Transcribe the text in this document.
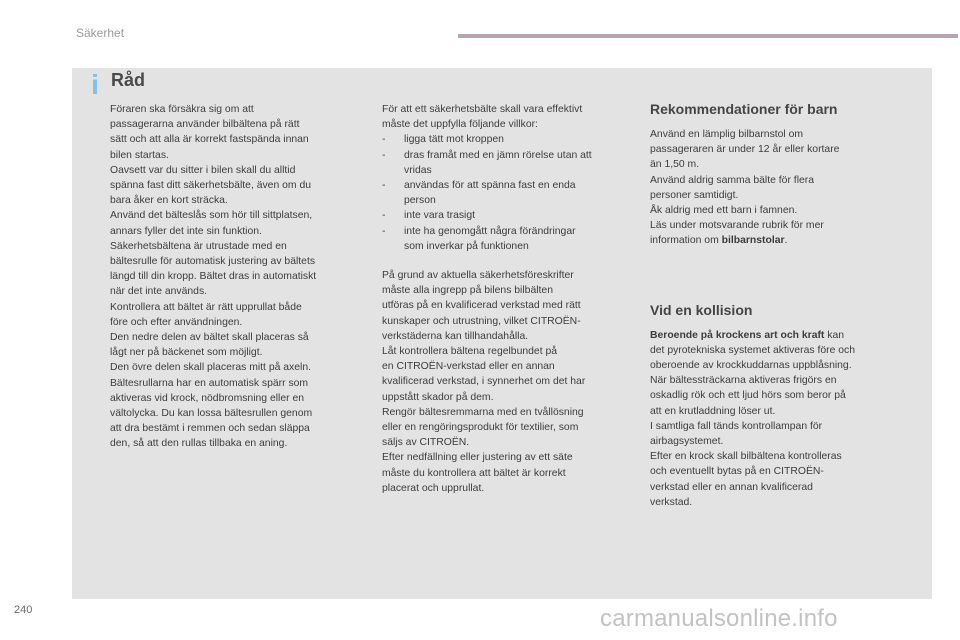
Säkerhet
i Råd
Föraren ska försäkra sig om att
passagerarna använder bilbältena på rätt
sätt och att alla är korrekt fastspända innan
bilen startas.
Oavsett var du sitter i bilen skall du alltid
spänna fast ditt säkerhetsbälte, även om du
bara åker en kort sträcka.
Använd det bälteslås som hör till sittplatsen,
annars fyller det inte sin funktion.
Säkerhetsbältena är utrustade med en
bältesrulle för automatisk justering av bältets
längd till din kropp. Bältet dras in automatiskt
när det inte används.
Kontrollera att bältet är rätt upprullat både
före och efter användningen.
Den nedre delen av bältet skall placeras så
lågt ner på bäckenet som möjligt.
Den övre delen skall placeras mitt på axeln.
Bältesrullarna har en automatisk spärr som
aktiveras vid krock, nödbromsning eller en
vältolycka. Du kan lossa bältesrullen genom
att dra bestämt i remmen och sedan släppa
den, så att den rullas tillbaka en aning.
För att ett säkerhetsbälte skall vara effektivt
måste det uppfylla följande villkor:
- ligga tätt mot kroppen
- dras framåt med en jämn rörelse utan att
vridas
- användas för att spänna fast en enda
person
- inte vara trasigt
- inte ha genomgått några förändringar
som inverkar på funktionen
På grund av aktuella säkerhetsföreskrifter
måste alla ingrepp på bilens bilbälten
utföras på en kvalificerad verkstad med rätt
kunskaper och utrustning, vilket CITROËN-
verkstäderna kan tillhandahålla.
Låt kontrollera bältena regelbundet på
en CITROËN-verkstad eller en annan
kvalificerad verkstad, i synnerhet om det har
uppstått skador på dem.
Rengör bältesremmarna med en tvållösning
eller en rengöringsprodukt för textilier, som
säljs av CITROËN.
Efter nedfällning eller justering av ett säte
måste du kontrollera att bältet är korrekt
placerat och upprullat.
Rekommendationer för barn
Använd en lämplig bilbarnstol om
passageraren är under 12 år eller kortare
än 1,50 m.
Använd aldrig samma bälte för flera
personer samtidigt.
Åk aldrig med ett barn i famnen.
Läs under motsvarande rubrik för mer
information om bilbarnstolar.
Vid en kollision
Beroende på krockens art och kraft kan
det pyrotekniska systemet aktiveras före och
oberoende av krockkuddarnas uppblåsning.
När bältessträckarna aktiveras frigörs en
oskadlig rök och ett ljud hörs som beror på
att en krutladdning löser ut.
I samtliga fall tänds kontrollampan för
airbagsystemet.
Efter en krock skall bilbältena kontrolleras
och eventuellt bytas på en CITROËN-
verkstad eller en annan kvalificerad
verkstad.
240	carmanualsonline.info
